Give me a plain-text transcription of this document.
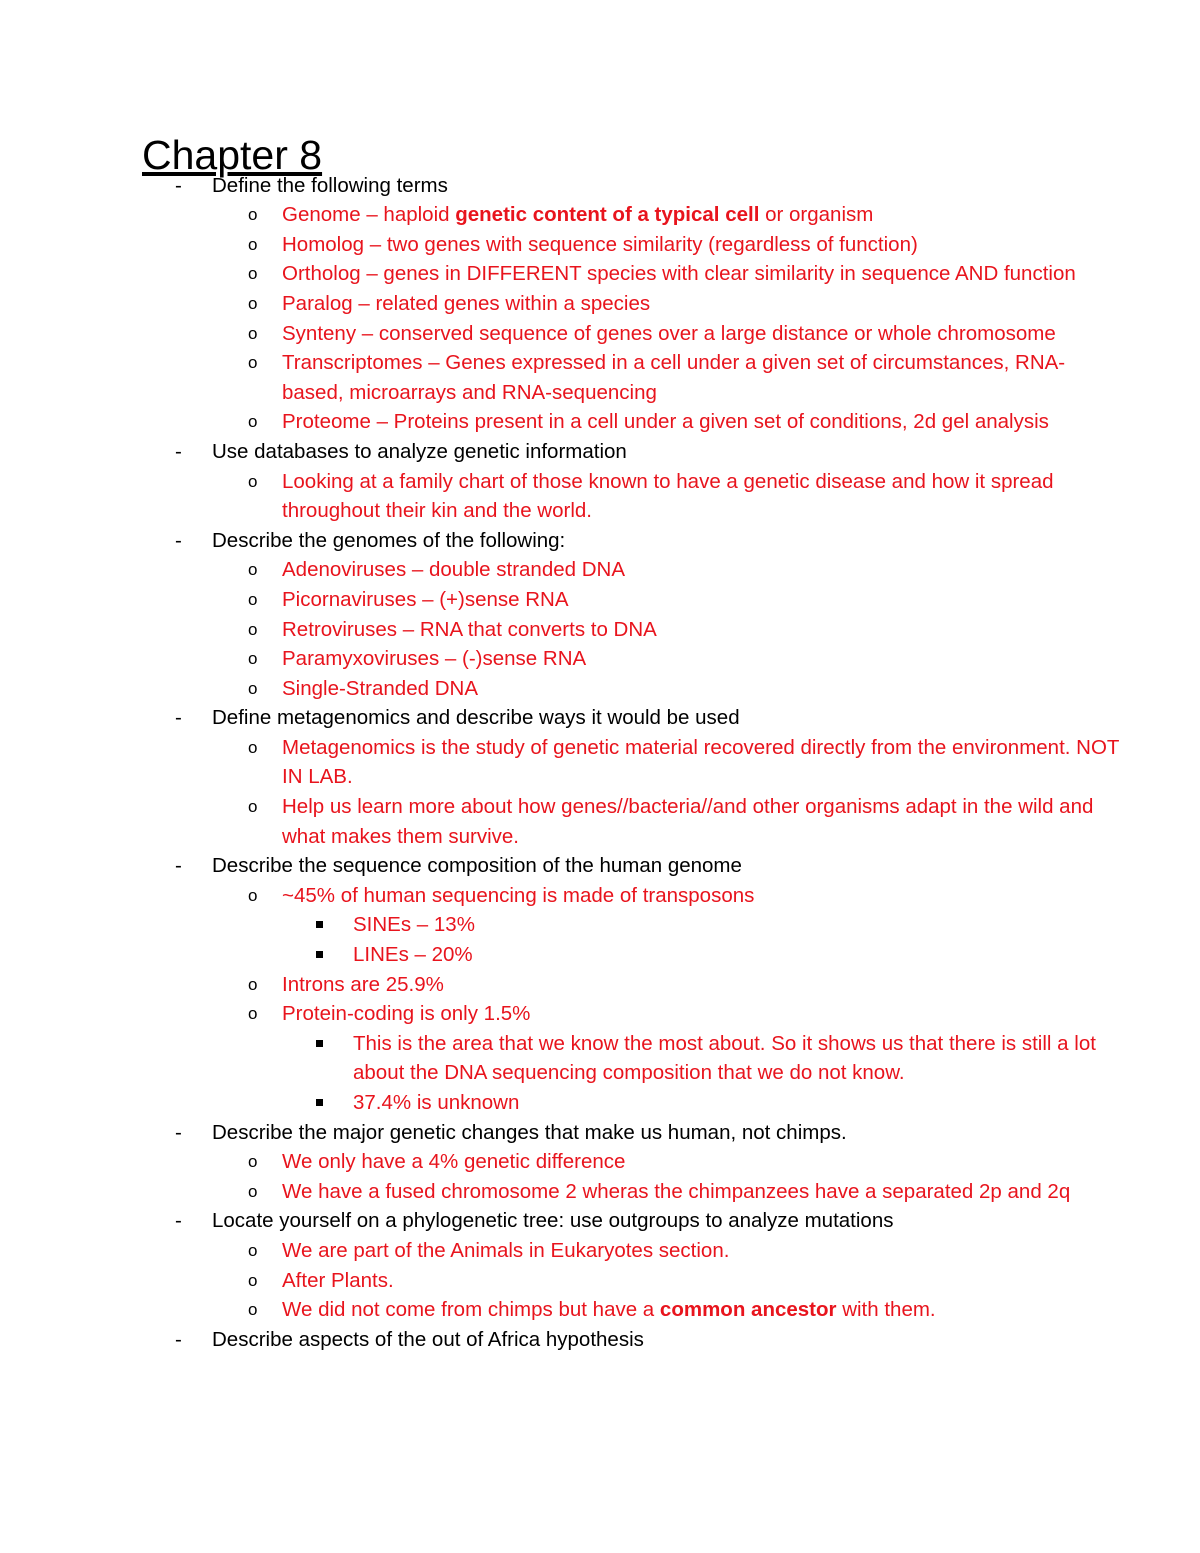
Chapter 8
- Define the following terms
o Genome – haploid genetic content of a typical cell or organism
o Homolog – two genes with sequence similarity (regardless of function)
o Ortholog – genes in DIFFERENT species with clear similarity in sequence AND function
o Paralog – related genes within a species
o Synteny – conserved sequence of genes over a large distance or whole chromosome
o Transcriptomes – Genes expressed in a cell under a given set of circumstances, RNA-based, microarrays and RNA-sequencing
o Proteome – Proteins present in a cell under a given set of conditions, 2d gel analysis
- Use databases to analyze genetic information
o Looking at a family chart of those known to have a genetic disease and how it spread throughout their kin and the world.
- Describe the genomes of the following:
o Adenoviruses – double stranded DNA
o Picornaviruses – (+)sense RNA
o Retroviruses – RNA that converts to DNA
o Paramyxoviruses – (-)sense RNA
o Single-Stranded DNA
- Define metagenomics and describe ways it would be used
o Metagenomics is the study of genetic material recovered directly from the environment. NOT IN LAB.
o Help us learn more about how genes//bacteria//and other organisms adapt in the wild and what makes them survive.
- Describe the sequence composition of the human genome
o ~45% of human sequencing is made of transposons
SINEs – 13%
LINEs – 20%
o Introns are 25.9%
o Protein-coding is only 1.5%
This is the area that we know the most about. So it shows us that there is still a lot about the DNA sequencing composition that we do not know.
37.4% is unknown
- Describe the major genetic changes that make us human, not chimps.
o We only have a 4% genetic difference
o We have a fused chromosome 2 wheras the chimpanzees have a separated 2p and 2q
- Locate yourself on a phylogenetic tree: use outgroups to analyze mutations
o We are part of the Animals in Eukaryotes section.
o After Plants.
o We did not come from chimps but have a common ancestor with them.
- Describe aspects of the out of Africa hypothesis
